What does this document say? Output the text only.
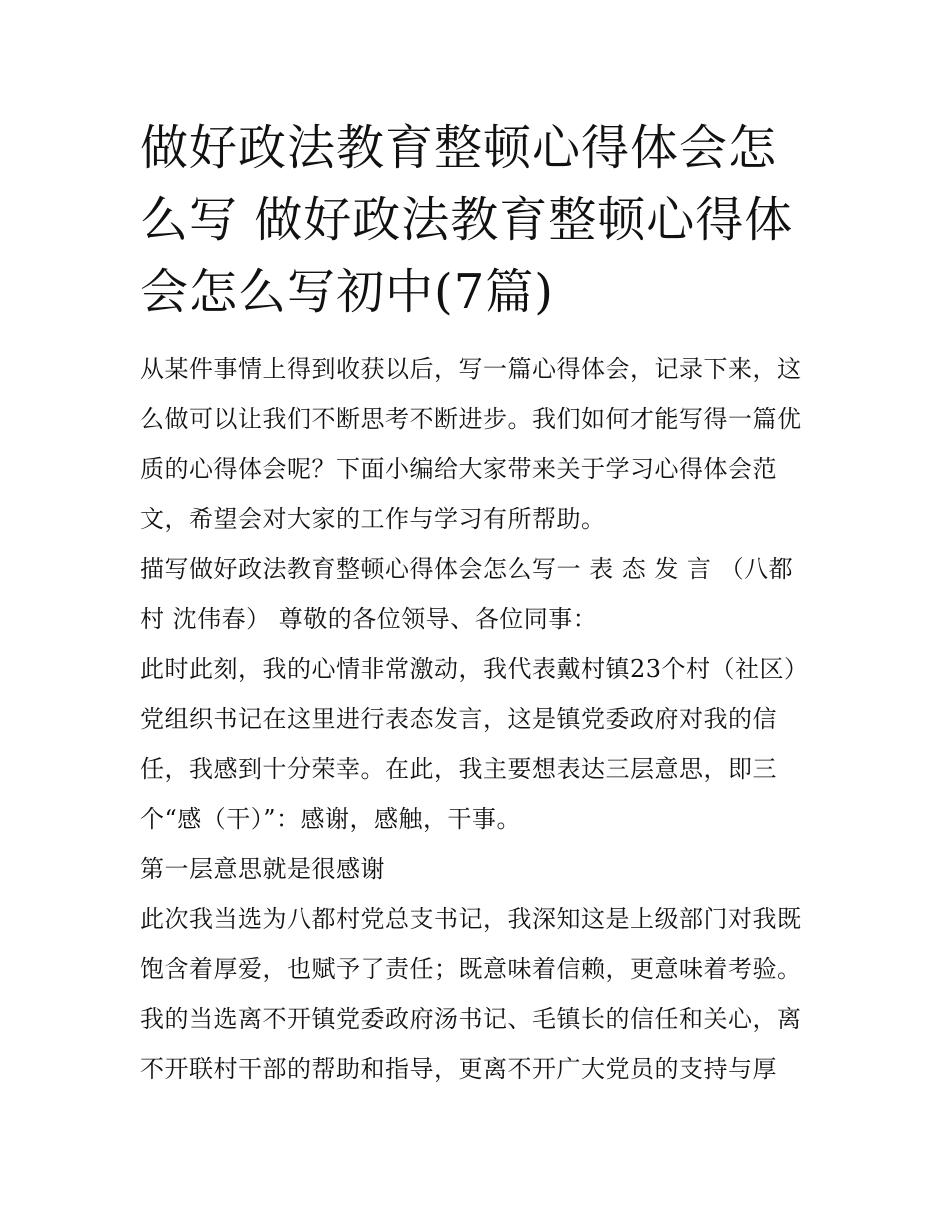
做好政法教育整顿心得体会怎么写 做好政法教育整顿心得体会怎么写初中(7篇)

从某件事情上得到收获以后，写一篇心得体会，记录下来，这么做可以让我们不断思考不断进步。我们如何才能写得一篇优质的心得体会呢？下面小编给大家带来关于学习心得体会范文，希望会对大家的工作与学习有所帮助。

描写做好政法教育整顿心得体会怎么写一 表 态 发 言 （八都村 沈伟春） 尊敬的各位领导、各位同事：

此时此刻，我的心情非常激动，我代表戴村镇23个村（社区）党组织书记在这里进行表态发言，这是镇党委政府对我的信任，我感到十分荣幸。在此，我主要想表达三层意思，即三个“感（干）”：感谢，感触，干事。

第一层意思就是很感谢

此次我当选为八都村党总支书记，我深知这是上级部门对我既饱含着厚爱，也赋予了责任；既意味着信赖，更意味着考验。我的当选离不开镇党委政府汤书记、毛镇长的信任和关心，离不开联村干部的帮助和指导，更离不开广大党员的支持与厚
